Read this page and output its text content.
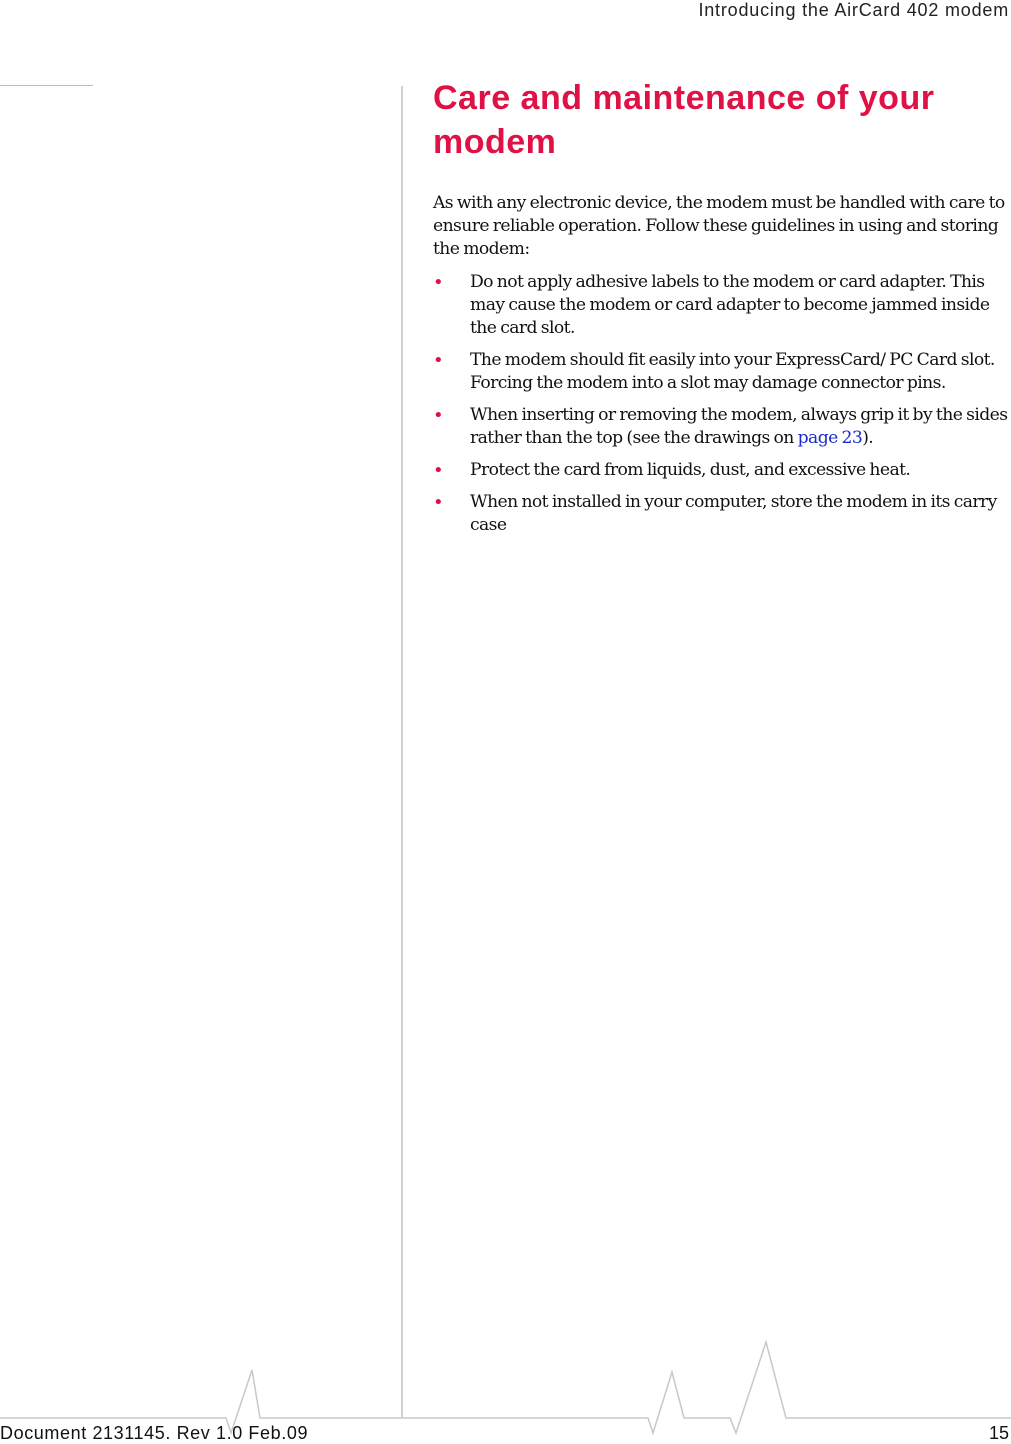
Introducing the AirCard 402 modem
Care and maintenance of your modem

As with any electronic device, the modem must be handled with care to ensure reliable operation. Follow these guidelines in using and storing the modem:

• Do not apply adhesive labels to the modem or card adapter. This may cause the modem or card adapter to become jammed inside the card slot.
• The modem should fit easily into your ExpressCard/ PC Card slot. Forcing the modem into a slot may damage connector pins.
• When inserting or removing the modem, always grip it by the sides rather than the top (see the drawings on page 23).
• Protect the card from liquids, dust, and excessive heat.
• When not installed in your computer, store the modem in its carry case
Document 2131145. Rev 1.0 Feb.09	15
